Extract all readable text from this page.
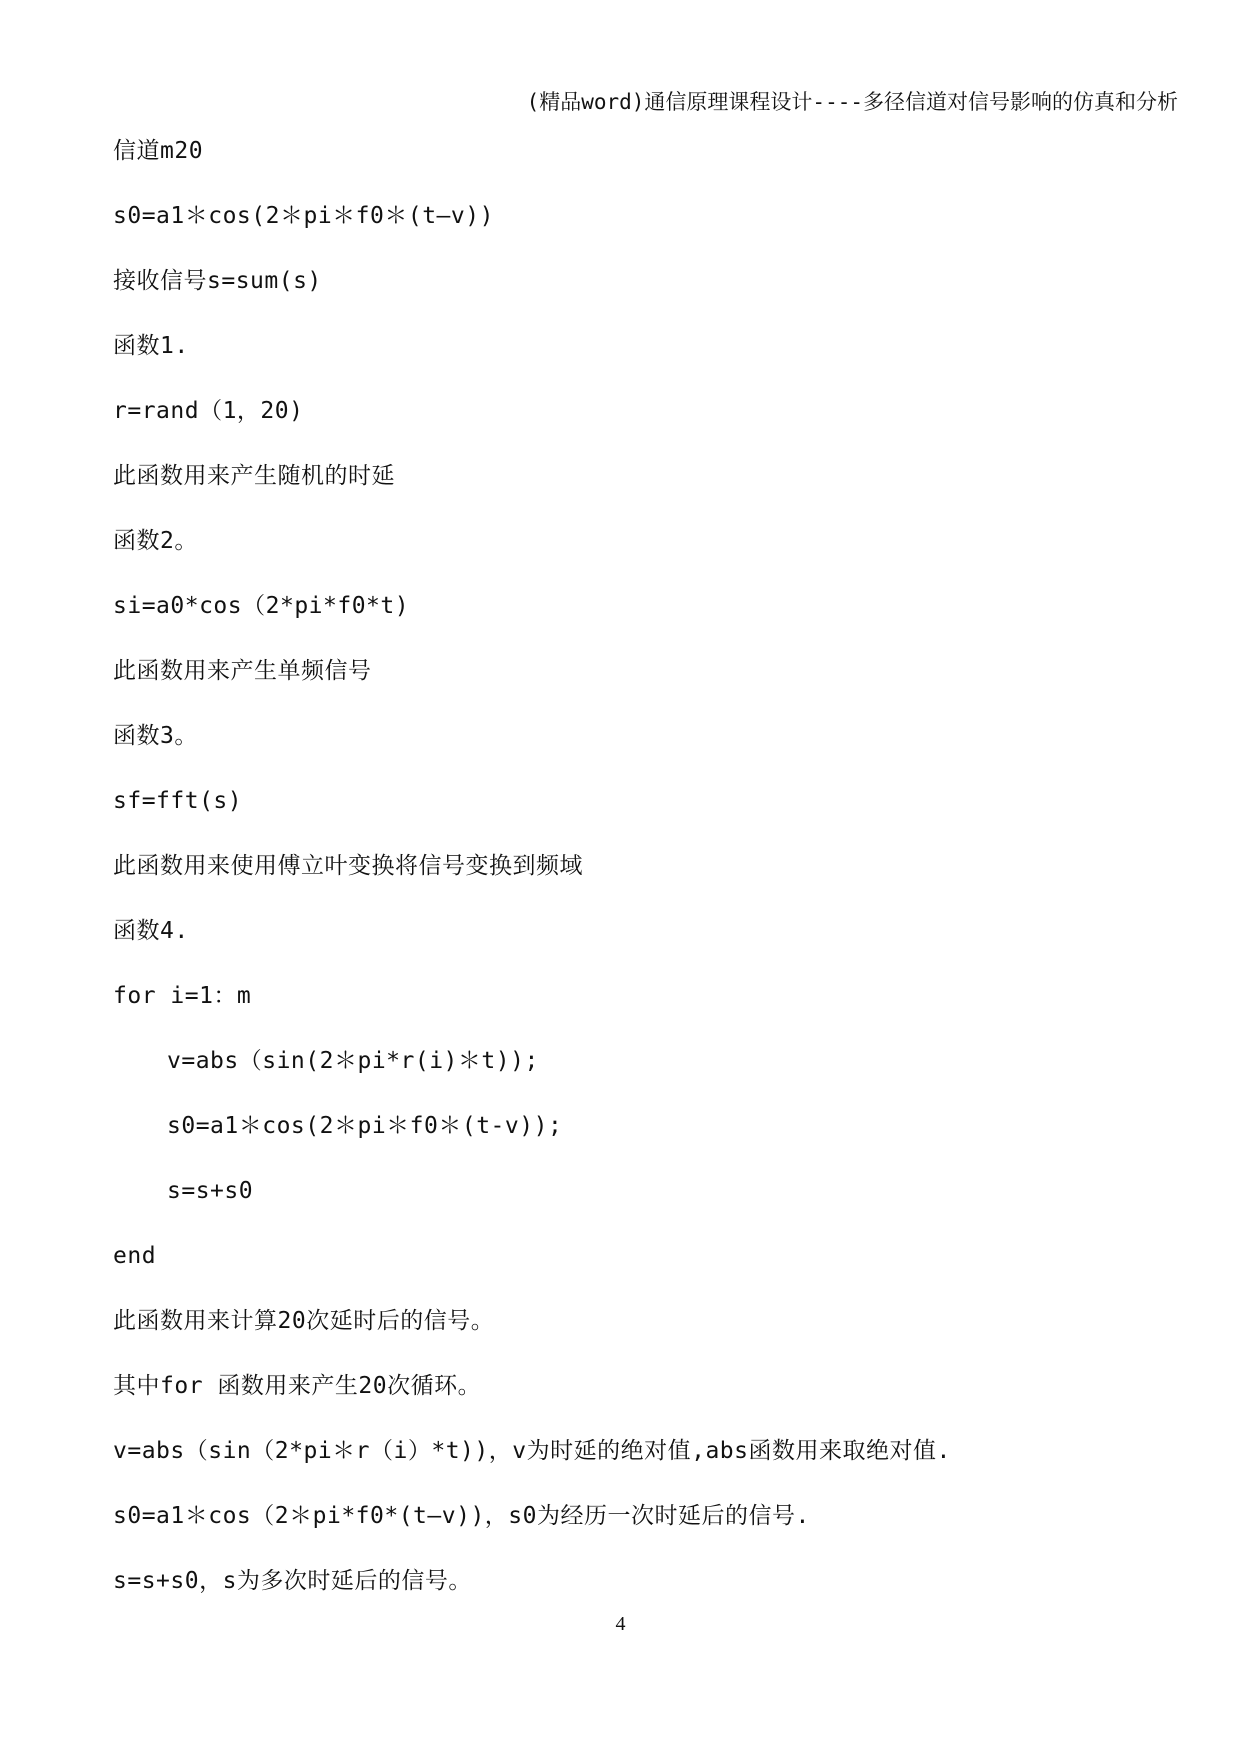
(精品word)通信原理课程设计----多径信道对信号影响的仿真和分析
信道m20
s0=a1＊cos(2＊pi＊f0＊(t—v))
接收信号s=sum(s)
函数1.
r=rand（1，20)
此函数用来产生随机的时延
函数2。
si=a0*cos（2*pi*f0*t)
此函数用来产生单频信号
函数3。
sf=fft(s)
此函数用来使用傅立叶变换将信号变换到频域
函数4.
for i=1：m
v=abs（sin(2＊pi*r(i)＊t));
s0=a1＊cos(2＊pi＊f0＊(t-v));
s=s+s0
end
此函数用来计算20次延时后的信号。
其中for 函数用来产生20次循环。
v=abs（sin（2*pi＊r（i）*t))，v为时延的绝对值,abs函数用来取绝对值.
s0=a1＊cos（2＊pi*f0*(t—v))，s0为经历一次时延后的信号.
s=s+s0，s为多次时延后的信号。
4
